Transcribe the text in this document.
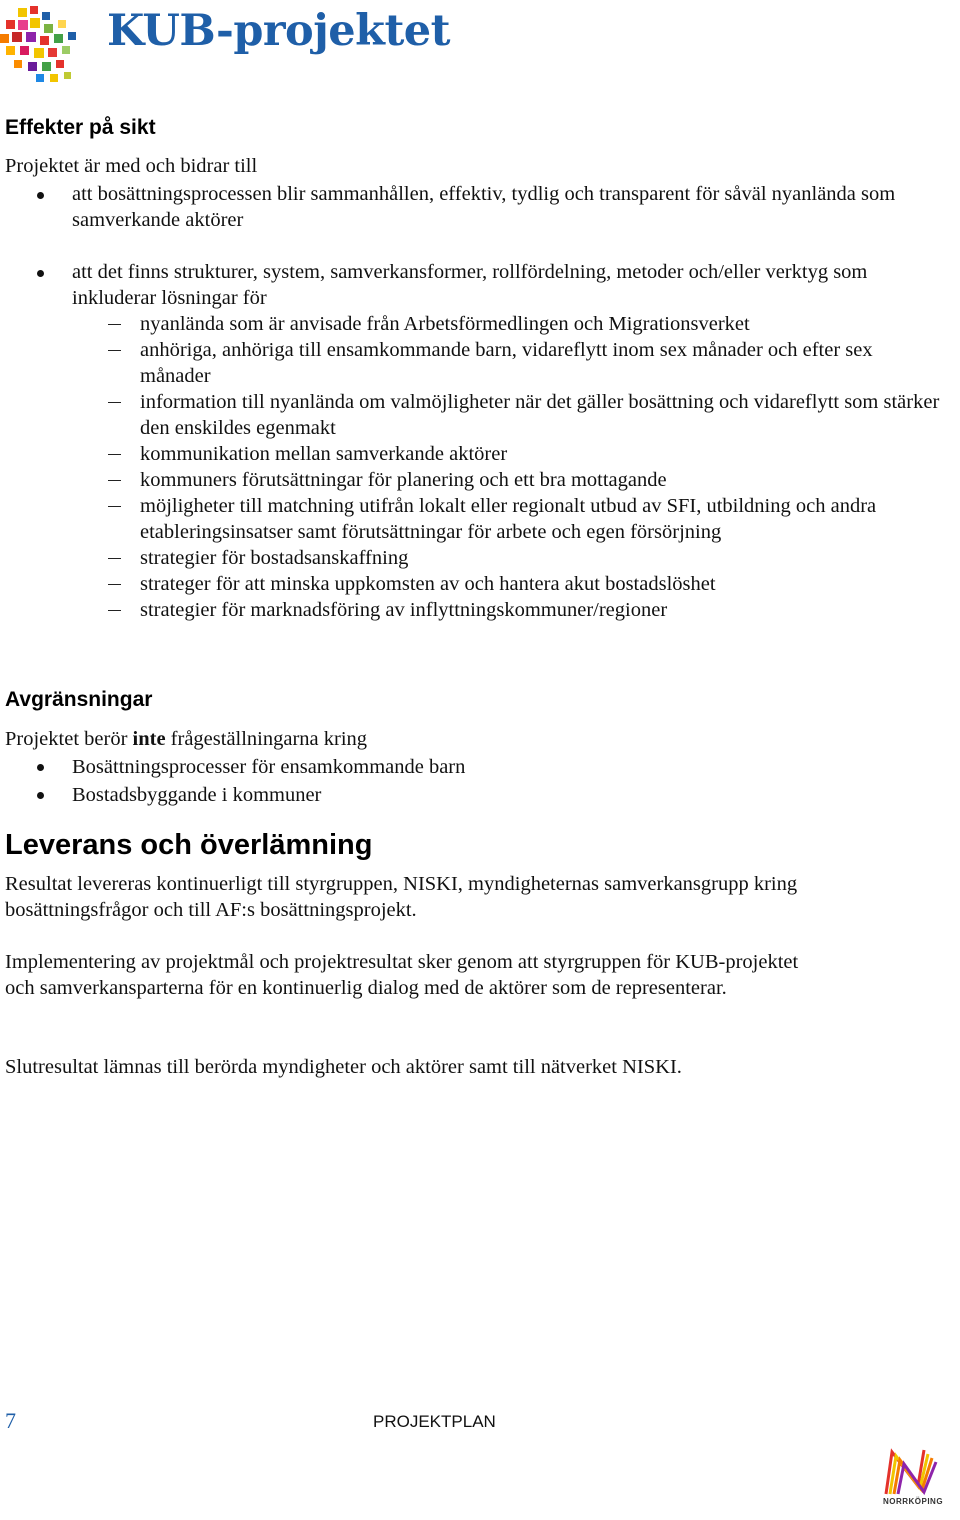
KUB-projektet
Effekter på sikt
Projektet är med och bidrar till
att bosättningsprocessen blir sammanhållen, effektiv, tydlig och transparent för såväl nyanlända som samverkande aktörer
att det finns strukturer, system, samverkansformer, rollfördelning, metoder och/eller verktyg som inkluderar lösningar för
nyanlända som är anvisade från Arbetsförmedlingen och Migrationsverket
anhöriga, anhöriga till ensamkommande barn, vidareflytt inom sex månader och efter sex månader
information till nyanlända om valmöjligheter när det gäller bosättning och vidareflytt som stärker den enskildes egenmakt
kommunikation mellan samverkande aktörer
kommuners förutsättningar för planering och ett bra mottagande
möjligheter till matchning utifrån lokalt eller regionalt utbud av SFI, utbildning och andra etableringsinsatser samt förutsättningar för arbete och egen försörjning
strategier för bostadsanskaffning
strateger för att minska uppkomsten av och hantera akut bostadslöshet
strategier för marknadsföring av inflyttningskommuner/regioner
Avgränsningar
Projektet berör inte frågeställningarna kring
Bosättningsprocesser för ensamkommande barn
Bostadsbyggande i kommuner
Leverans och överlämning
Resultat levereras kontinuerligt till styrgruppen, NISKI, myndigheternas samverkansgrupp kring bosättningsfrågor och till AF:s bosättningsprojekt.
Implementering av projektmål och projektresultat sker genom att styrgruppen för KUB-projektet och samverkansparterna för en kontinuerlig dialog med de aktörer som de representerar.
Slutresultat lämnas till berörda myndigheter och aktörer samt till nätverket NISKI.
7	PROJEKTPLAN
NORRKÖPING
